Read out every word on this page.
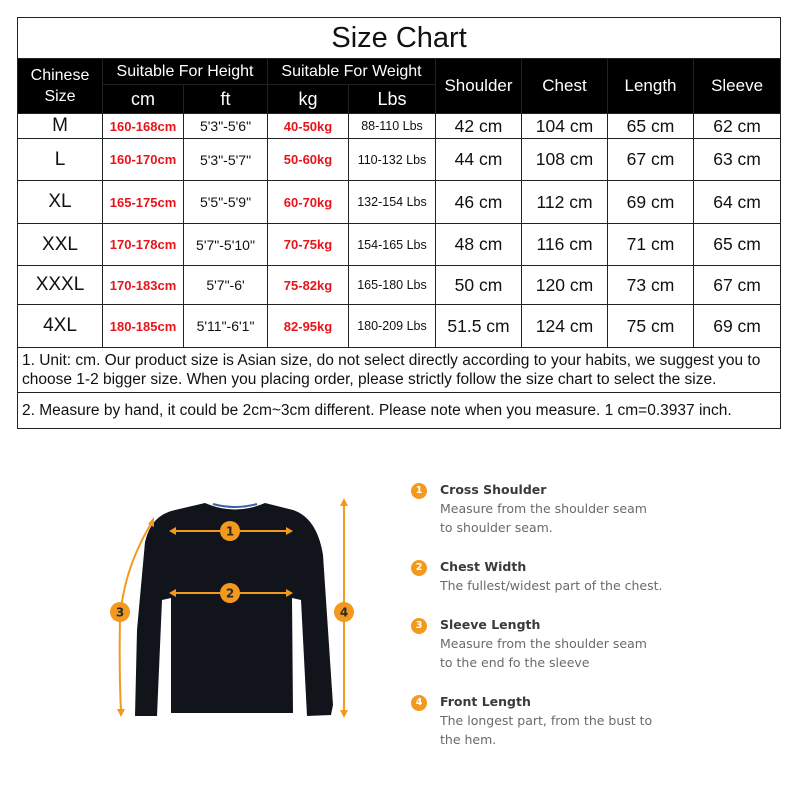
Size Chart								
Chinese Size	Suitable For Height		Suitable For Weight		Shoulder	Chest	Length	Sleeve
	cm	ft	kg	Lbs				
M	160-168cm	5'3"-5'6"	40-50kg	88-110 Lbs	42 cm	104 cm	65 cm	62 cm
L	160-170cm	5'3"-5'7"	50-60kg	110-132 Lbs	44 cm	108 cm	67 cm	63 cm
XL	165-175cm	5'5"-5'9"	60-70kg	132-154 Lbs	46 cm	112 cm	69 cm	64 cm
XXL	170-178cm	5'7"-5'10"	70-75kg	154-165 Lbs	48 cm	116 cm	71 cm	65 cm
XXXL	170-183cm	5'7"-6'	75-82kg	165-180 Lbs	50 cm	120 cm	73 cm	67 cm
4XL	180-185cm	5'11"-6'1"	82-95kg	180-209 Lbs	51.5 cm	124 cm	75 cm	69 cm
1. Unit: cm. Our product size is Asian size, do not select directly according to your habits, we suggest you to choose 1-2 bigger size. When you placing order, please strictly follow the size chart to select the size.								
2. Measure by hand, it could be 2cm~3cm different. Please note when you measure. 1 cm=0.3937 inch.								
1
2
3	4
1	Cross Shoulder
Measure from the shoulder seam
to shoulder seam.
2	Chest Width
The fullest/widest part of the chest.
3	Sleeve Length
Measure from the shoulder seam
to the end fo the sleeve
4	Front Length
The longest part, from the bust to
the hem.
